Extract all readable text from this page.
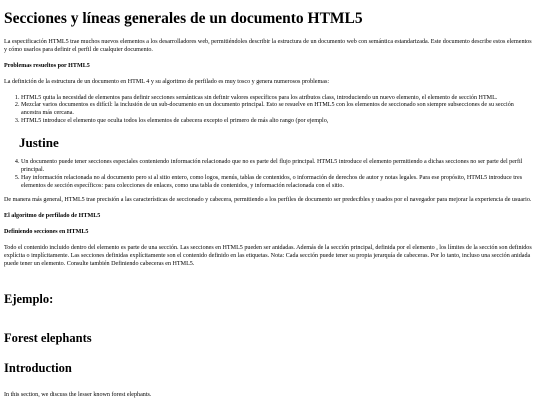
Secciones y líneas generales de un documento HTML5

La especificación HTML5 trae muchos nuevos elementos a los desarrolladores web, permitiéndoles describir la estructura de un documento web con semántica estandarizada. Este documento describe estos elementos y cómo usarlos para definir el perfil de cualquier documento.

Problemas resueltos por HTML5

La definición de la estructura de un documento en HTML 4 y su algoritmo de perfilado es muy tosco y genera numerosos problemas:

1. HTML5 quita la necesidad de elementos para definir secciones semánticas sin definir valores específicos para los atributos class, introduciendo un nuevo elemento, el elemento de sección HTML.
2. Mezclar varios documentos es difícil: la inclusión de un sub-documento en un documento principal. Esto se resuelve en HTML5 con los elementos de seccionado son siempre subsecciones de su sección ancestra más cercana.
3. HTML5 introduce el elemento que oculta todos los elementos de cabecera excepto el primero de más alto rango (por ejemplo,
Justine
4. Un documento puede tener secciones especiales conteniendo información relacionado que no es parte del flujo principal. HTML5 introduce el elemento permitiendo a dichas secciones no ser parte del perfil principal.
5. Hay información relacionada no al documento pero si al sitio entero, como logos, menús, tablas de contenidos, o información de derechos de autor y notas legales. Para ese propósito, HTML5 introduce tres elementos de sección específicos: para colecciones de enlaces, como una tabla de contenidos, y información relacionada con el sitio.

De manera más general, HTML5 trae precisión a las características de seccionado y cabecera, permitiendo a los perfiles de documento ser predecibles y usados por el navegador para mejorar la experiencia de usuario.

El algoritmo de perfilado de HTML5

Definiendo secciones en HTML5

Todo el contenido incluido dentro del elemento es parte de una sección. Las secciones en HTML5 pueden ser anidadas. Además de la sección principal, definida por el elemento , los límites de la sección son definidos explícita o implícitamente. Las secciones definidas explícitamente son el contenido definido en las etiquetas. Nota: Cada sección puede tener su propia jerarquía de cabeceras. Por lo tanto, incluso una sección anidada puede tener un elemento. Consulte también Definiendo cabeceras en HTML5.

Ejemplo:
Forest elephants
Introduction

In this section, we discuss the lesser known forest elephants.
